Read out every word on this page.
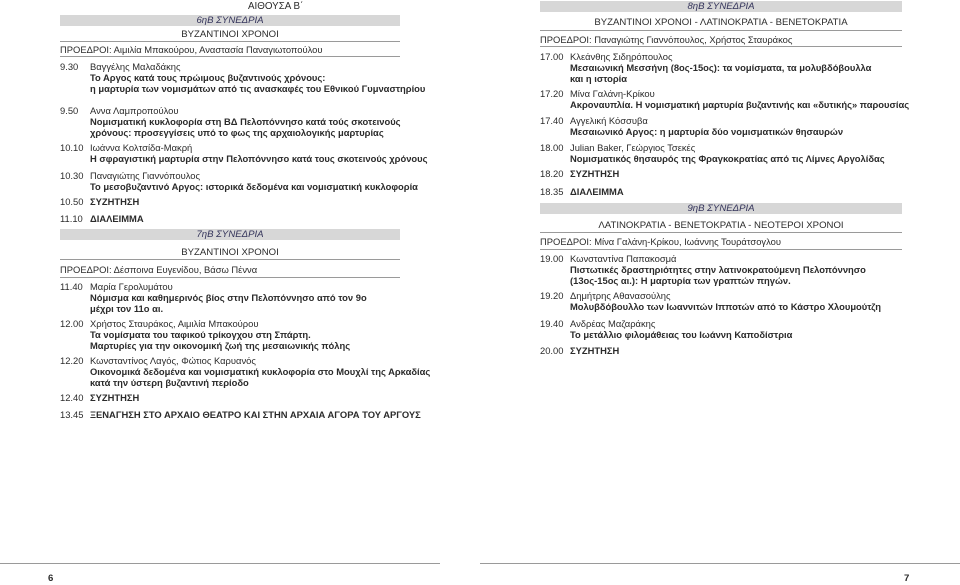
ΑΙΘΟΥΣΑ Β΄
6ηΒ ΣΥΝΕΔΡΙΑ
ΒΥΖΑΝΤΙΝΟΙ ΧΡΟΝΟΙ
ΠΡΟΕΔΡΟΙ: Αιμιλία Μπακούρου, Αναστασία Παναγιωτοπούλου
9.30	Βαγγέλης Μαλαδάκης
Το Αργος κατά τους πρώιμους βυζαντινούς χρόνους:
η μαρτυρία των νομισμάτων από τις ανασκαφές του Εθνικού Γυμναστηρίου
9.50	Αννα Λαμπροπούλου
Νομισματική κυκλοφορία στη ΒΔ Πελοπόννησο κατά τούς σκοτεινούς
χρόνους: προσεγγίσεις υπό το φως της αρχαιολογικής μαρτυρίας
10.10 Ιωάννα Κολτσίδα-Μακρή
Η σφραγιστική μαρτυρία στην Πελοπόννησο κατά τους σκοτεινούς χρόνους
10.30 Παναγιώτης Γιαννόπουλος
Το μεσοβυζαντινό Αργος: ιστορικά δεδομένα και νομισματική κυκλοφορία
10.50 ΣΥΖΗΤΗΣΗ
11.10 ΔΙΑΛΕΙΜΜΑ
7ηΒ ΣΥΝΕΔΡΙΑ
ΒΥΖΑΝΤΙΝΟΙ ΧΡΟΝΟΙ
ΠΡΟΕΔΡΟΙ: Δέσποινα Ευγενίδου, Βάσω Πέννα
11.40 Μαρία Γερολυμάτου
Νόμισμα και καθημερινός βίος στην Πελοπόννησο από τον 9ο
μέχρι τον 11ο αι.
12.00 Χρήστος Σταυράκος, Αιμιλία Μπακούρου
Τα νομίσματα του ταφικού τρίκογχου στη Σπάρτη.
Μαρτυρίες για την οικονομική ζωή της μεσαιωνικής πόλης
12.20 Κωνσταντίνος Λαγός, Φώτιος Καρυανός
Οικονομικά δεδομένα και νομισματική κυκλοφορία στο Μουχλί της Αρκαδίας
κατά την ύστερη βυζαντινή περίοδο
12.40 ΣΥΖΗΤΗΣΗ
13.45 ΞΕΝΑΓΗΣΗ ΣΤΟ ΑΡΧΑΙΟ ΘΕΑΤΡΟ ΚΑΙ ΣΤΗΝ ΑΡΧΑΙΑ ΑΓΟΡΑ ΤΟΥ ΑΡΓΟΥΣ
6
8ηΒ ΣΥΝΕΔΡΙΑ
ΒΥΖΑΝΤΙΝΟΙ ΧΡΟΝΟΙ - ΛΑΤΙΝΟΚΡΑΤΙΑ - ΒΕΝΕΤΟΚΡΑΤΙΑ
ΠΡΟΕΔΡΟΙ: Παναγιώτης Γιαννόπουλος, Χρήστος Σταυράκος
17.00 Κλεάνθης Σιδηρόπουλος
Μεσαιωνική Μεσσήνη (8ος-15ος): τα νομίσματα, τα μολυβδόβουλλα
και η ιστορία
17.20 Μίνα Γαλάνη-Κρίκου
Ακροναυπλία. Η νομισματική μαρτυρία βυζαντινής και «δυτικής» παρουσίας
17.40 Αγγελική Κόσσυβα
Μεσαιωνικό Αργος: η μαρτυρία δύο νομισματικών θησαυρών
18.00 Julian Baker, Γεώργιος Τσεκές
Νομισματικός θησαυρός της Φραγκοκρατίας από τις Λίμνες Αργολίδας
18.20 ΣΥΖΗΤΗΣΗ
18.35 ΔΙΑΛΕΙΜΜΑ
9ηΒ ΣΥΝΕΔΡΙΑ
ΛΑΤΙΝΟΚΡΑΤΙΑ - ΒΕΝΕΤΟΚΡΑΤΙΑ - ΝΕΟΤΕΡΟΙ ΧΡΟΝΟΙ
ΠΡΟΕΔΡΟΙ: Μίνα Γαλάνη-Κρίκου, Ιωάννης Τουράτσογλου
19.00 Κωνσταντίνα Παπακοσμά
Πιστωτικές δραστηριότητες στην λατινοκρατούμενη Πελοπόννησο
(13ος-15ος αι.): Η μαρτυρία των γραπτών πηγών.
19.20 Δημήτρης Αθανασούλης
Μολυβδόβουλλο των Ιωαννιτών Ιπποτών από το Κάστρο Χλουμούτζη
19.40 Ανδρέας Μαζαράκης
Το μετάλλιο φιλομάθειας του Ιωάννη Καποδίστρια
20.00 ΣΥΖΗΤΗΣΗ
7
